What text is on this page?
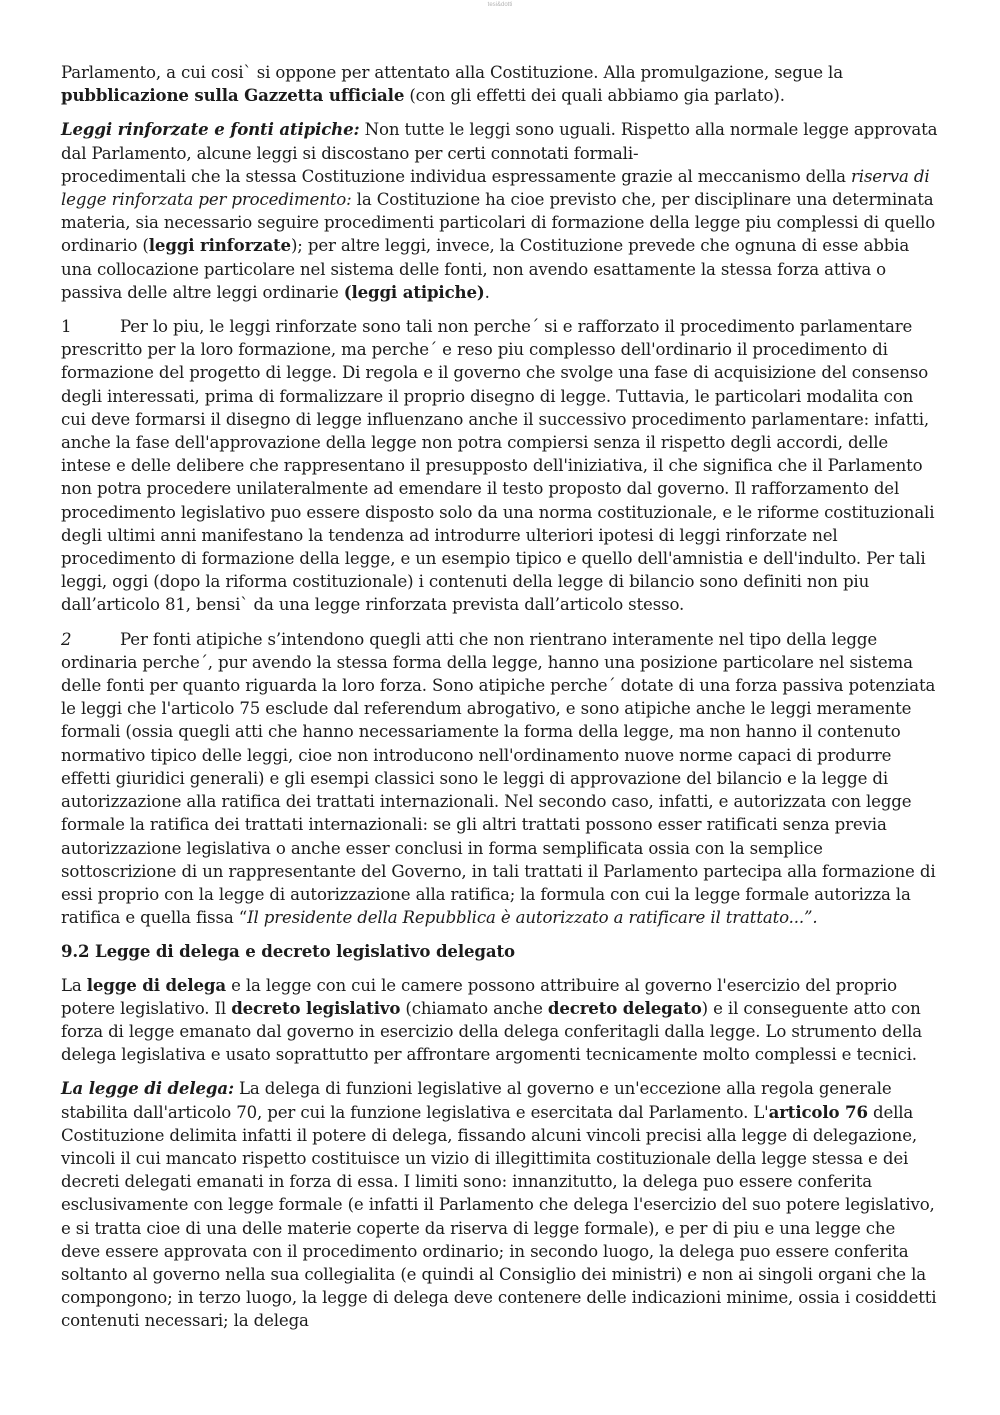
tesi&dotti

Parlamento, a cui cosi` si oppone per attentato alla Costituzione. Alla promulgazione, segue la pubblicazione sulla Gazzetta ufficiale (con gli effetti dei quali abbiamo gia parlato).

Leggi rinforzate e fonti atipiche: Non tutte le leggi sono uguali. Rispetto alla normale legge approvata dal Parlamento, alcune leggi si discostano per certi connotati formali-
procedimentali che la stessa Costituzione individua espressamente grazie al meccanismo della riserva di legge rinforzata per procedimento: la Costituzione ha cioe previsto che, per disciplinare una determinata materia, sia necessario seguire procedimenti particolari di formazione della legge piu complessi di quello ordinario (leggi rinforzate); per altre leggi, invece, la Costituzione prevede che ognuna di esse abbia una collocazione particolare nel sistema delle fonti, non avendo esattamente la stessa forza attiva o passiva delle altre leggi ordinarie (leggi atipiche).

1	Per lo piu, le leggi rinforzate sono tali non perche´ si e rafforzato il procedimento parlamentare prescritto per la loro formazione, ma perche´ e reso piu complesso dell'ordinario il procedimento di formazione del progetto di legge. Di regola e il governo che svolge una fase di acquisizione del consenso degli interessati, prima di formalizzare il proprio disegno di legge. Tuttavia, le particolari modalita con cui deve formarsi il disegno di legge influenzano anche il successivo procedimento parlamentare: infatti, anche la fase dell'approvazione della legge non potra compiersi senza il rispetto degli accordi, delle intese e delle delibere che rappresentano il presupposto dell'iniziativa, il che significa che il Parlamento non potra procedere unilateralmente ad emendare il testo proposto dal governo. Il rafforzamento del procedimento legislativo puo essere disposto solo da una norma costituzionale, e le riforme costituzionali degli ultimi anni manifestano la tendenza ad introdurre ulteriori ipotesi di leggi rinforzate nel procedimento di formazione della legge, e un esempio tipico e quello dell'amnistia e dell'indulto. Per tali leggi, oggi (dopo la riforma costituzionale) i contenuti della legge di bilancio sono definiti non piu dall’articolo 81, bensi` da una legge rinforzata prevista dall’articolo stesso.

2	Per fonti atipiche s’intendono quegli atti che non rientrano interamente nel tipo della legge ordinaria perche´, pur avendo la stessa forma della legge, hanno una posizione particolare nel sistema delle fonti per quanto riguarda la loro forza. Sono atipiche perche´ dotate di una forza passiva potenziata le leggi che l'articolo 75 esclude dal referendum abrogativo, e sono atipiche anche le leggi meramente formali (ossia quegli atti che hanno necessariamente la forma della legge, ma non hanno il contenuto normativo tipico delle leggi, cioe non introducono nell'ordinamento nuove norme capaci di produrre effetti giuridici generali) e gli esempi classici sono le leggi di approvazione del bilancio e la legge di autorizzazione alla ratifica dei trattati internazionali. Nel secondo caso, infatti, e autorizzata con legge formale la ratifica dei trattati internazionali: se gli altri trattati possono esser ratificati senza previa autorizzazione legislativa o anche esser conclusi in forma semplificata ossia con la semplice sottoscrizione di un rappresentante del Governo, in tali trattati il Parlamento partecipa alla formazione di essi proprio con la legge di autorizzazione alla ratifica; la formula con cui la legge formale autorizza la ratifica e quella fissa “Il presidente della Repubblica è autorizzato a ratificare il trattato...”.

9.2 Legge di delega e decreto legislativo delegato

La legge di delega e la legge con cui le camere possono attribuire al governo l'esercizio del proprio potere legislativo. Il decreto legislativo (chiamato anche decreto delegato) e il conseguente atto con forza di legge emanato dal governo in esercizio della delega conferitagli dalla legge. Lo strumento della delega legislativa e usato soprattutto per affrontare argomenti tecnicamente molto complessi e tecnici.

La legge di delega: La delega di funzioni legislative al governo e un'eccezione alla regola generale stabilita dall'articolo 70, per cui la funzione legislativa e esercitata dal Parlamento. L'articolo 76 della Costituzione delimita infatti il potere di delega, fissando alcuni vincoli precisi alla legge di delegazione, vincoli il cui mancato rispetto costituisce un vizio di illegittimita costituzionale della legge stessa e dei decreti delegati emanati in forza di essa. I limiti sono: innanzitutto, la delega puo essere conferita esclusivamente con legge formale (e infatti il Parlamento che delega l'esercizio del suo potere legislativo, e si tratta cioe di una delle materie coperte da riserva di legge formale), e per di piu e una legge che deve essere approvata con il procedimento ordinario; in secondo luogo, la delega puo essere conferita soltanto al governo nella sua collegialita (e quindi al Consiglio dei ministri) e non ai singoli organi che la compongono; in terzo luogo, la legge di delega deve contenere delle indicazioni minime, ossia i cosiddetti contenuti necessari; la delega
